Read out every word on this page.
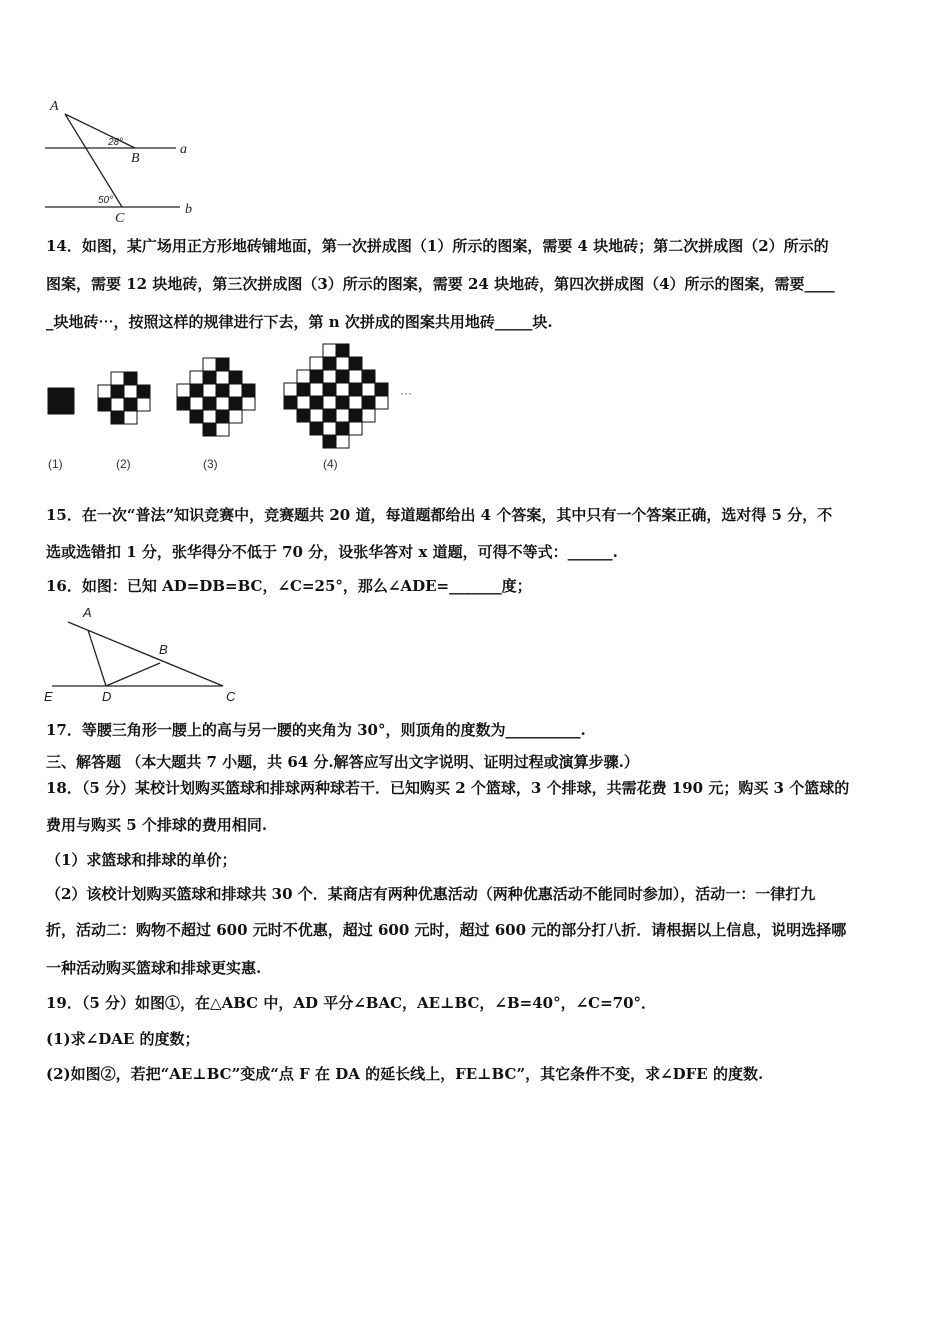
A
B
C
a
b
28°
50°
14．如图，某广场用正方形地砖铺地面，第一次拼成图（1）所示的图案，需要 4 块地砖；第二次拼成图（2）所示的
图案，需要 12 块地砖，第三次拼成图（3）所示的图案，需要 24 块地砖，第四次拼成图（4）所示的图案，需要____
_块地砖⋯，按照这样的规律进行下去，第 n 次拼成的图案共用地砖_____块.
···
(1)	(2)	(3)	(4)
15．在一次“普法”知识竞赛中，竞赛题共 20 道，每道题都给出 4 个答案，其中只有一个答案正确，选对得 5 分，不
选或选错扣 1 分，张华得分不低于 70 分，设张华答对 x 道题，可得不等式：______.
16．如图：已知 AD=DB=BC，∠C=25°，那么∠ADE=_______度；
A
B
C
D
E
17．等腰三角形一腰上的高与另一腰的夹角为 30°，则顶角的度数为__________.
三、解答题 （本大题共 7 小题，共 64 分.解答应写出文字说明、证明过程或演算步骤.）
18．（5 分）某校计划购买篮球和排球两种球若干．已知购买 2 个篮球，3 个排球，共需花费 190 元；购买 3 个篮球的
费用与购买 5 个排球的费用相同.
（1）求篮球和排球的单价；
（2）该校计划购买篮球和排球共 30 个．某商店有两种优惠活动（两种优惠活动不能同时参加），活动一：一律打九
折，活动二：购物不超过 600 元时不优惠，超过 600 元时，超过 600 元的部分打八折．请根据以上信息，说明选择哪
一种活动购买篮球和排球更实惠.
19．（5 分）如图①，在△ABC 中，AD 平分∠BAC，AE⊥BC，∠B=40°，∠C=70°．
(1)求∠DAE 的度数；
(2)如图②，若把“AE⊥BC”变成“点 F 在 DA 的延长线上，FE⊥BC”，其它条件不变，求∠DFE 的度数.
